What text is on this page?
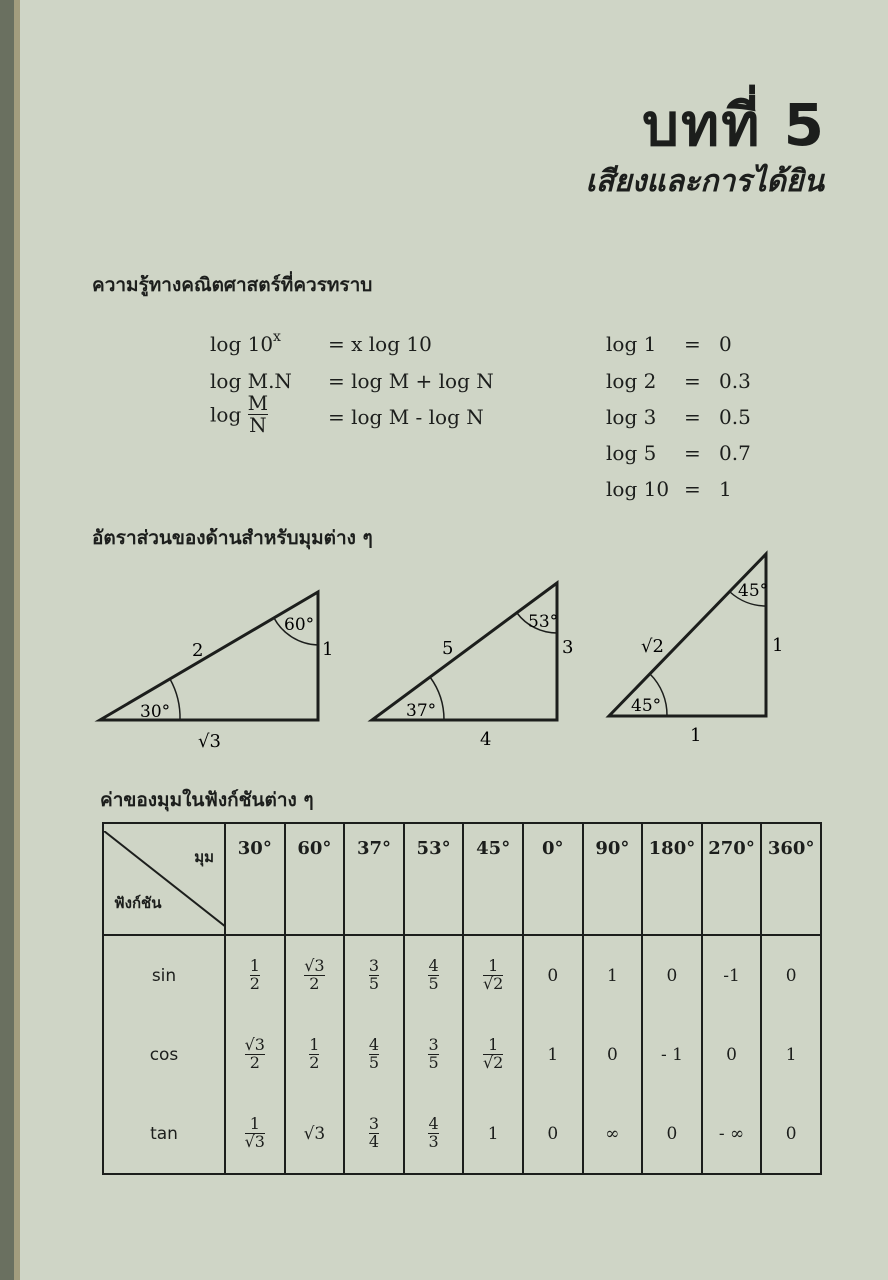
บทที่ 5
เสียงและการได้ยิน
ความรู้ทางคณิตศาสตร์ที่ควรทราบ
$\log 10^x = x$ log 10
log M.N = log M + log N
$\log \frac{M}{N}$	= log M - log N
log 1 = 0
log 2 = 0.3
log 3 = 0.5
log 5 = 0.7
log 10 = 1
อัตราส่วนของด้านสำหรับมุมต่าง ๆ
2	1
√3
30°
60°
5	3
4
37°
53°
√2	1
1
45°
45°
ค่าของมุมในฟังก์ชันต่าง ๆ
มุม
ฟังก์ชัน	30°	60°	37°	53°	45°	0°	90°	180°	270°	360°
sin	$\frac{1}{2}$	$\frac{√3}{2}$	$\frac{3}{5}$	$\frac{4}{5}$	$\frac{1}{√2}$	0	1	0	-1	0
cos	$\frac{√3}{2}$	$\frac{1}{2}$	$\frac{4}{5}$	$\frac{3}{5}$	$\frac{1}{√2}$	1	0	- 1	0	1
tan	$\frac{1}{√3}$	√3	$\frac{3}{4}$	$\frac{4}{3}$	1	0	∞	0	- ∞	0
